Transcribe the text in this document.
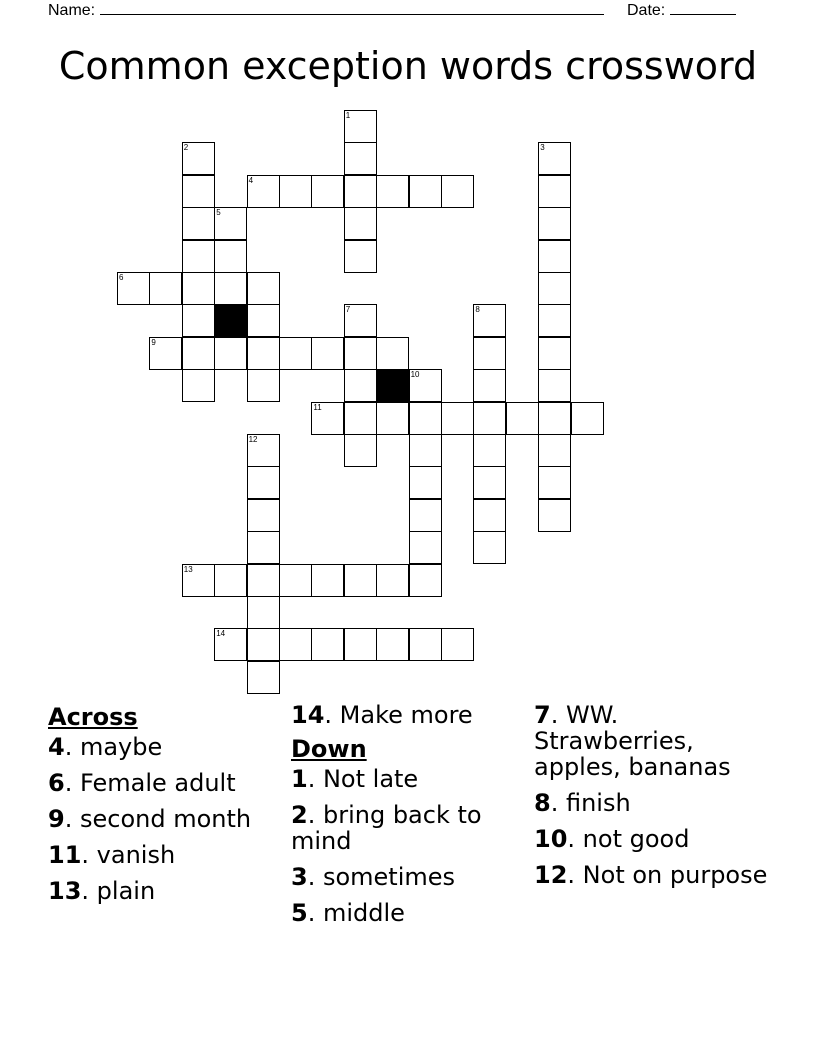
Name:	Date:
Common exception words crossword
1
2	3
4
5
6
7	8
9
10
11
12
13
14
Across
4. maybe
6. Female adult
9. second month
11. vanish
13. plain
14. Make more
Down
1. Not late
2. bring back to mind
3. sometimes
5. middle
7. WW. Strawberries, apples, bananas
8. finish
10. not good
12. Not on purpose
